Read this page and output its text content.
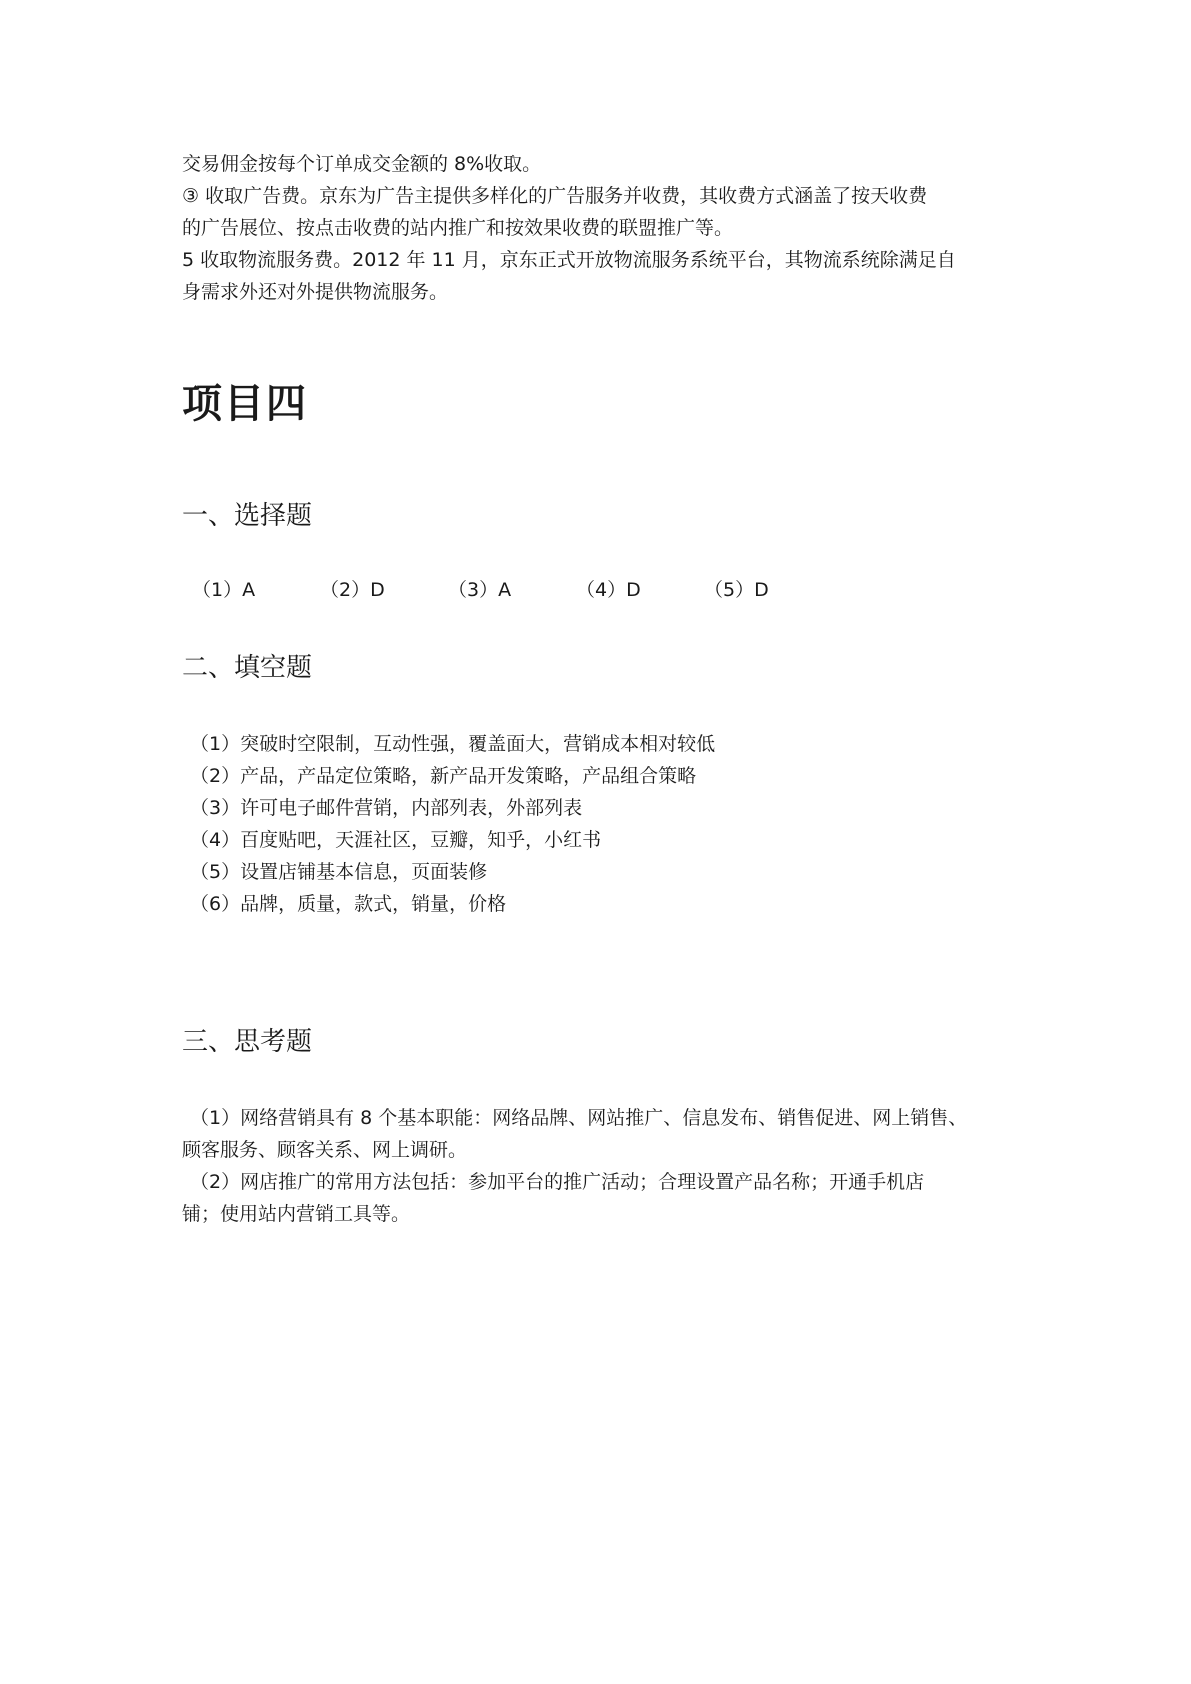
交易佣金按每个订单成交金额的 8%收取。
③ 收取广告费。京东为广告主提供多样化的广告服务并收费，其收费方式涵盖了按天收费
的广告展位、按点击收费的站内推广和按效果收费的联盟推广等。
5 收取物流服务费。2012 年 11 月，京东正式开放物流服务系统平台，其物流系统除满足自
身需求外还对外提供物流服务。
项目四
一、选择题
（1）A	（2）D	（3）A	（4）D	（5）D
二、填空题
（1）突破时空限制，互动性强，覆盖面大，营销成本相对较低
（2）产品，产品定位策略，新产品开发策略，产品组合策略
（3）许可电子邮件营销，内部列表，外部列表
（4）百度贴吧，天涯社区，豆瓣，知乎，小红书
（5）设置店铺基本信息，页面装修
（6）品牌，质量，款式，销量，价格
三、思考题
（1）网络营销具有 8 个基本职能：网络品牌、网站推广、信息发布、销售促进、网上销售、
顾客服务、顾客关系、网上调研。
（2）网店推广的常用方法包括：参加平台的推广活动；合理设置产品名称；开通手机店
铺；使用站内营销工具等。
